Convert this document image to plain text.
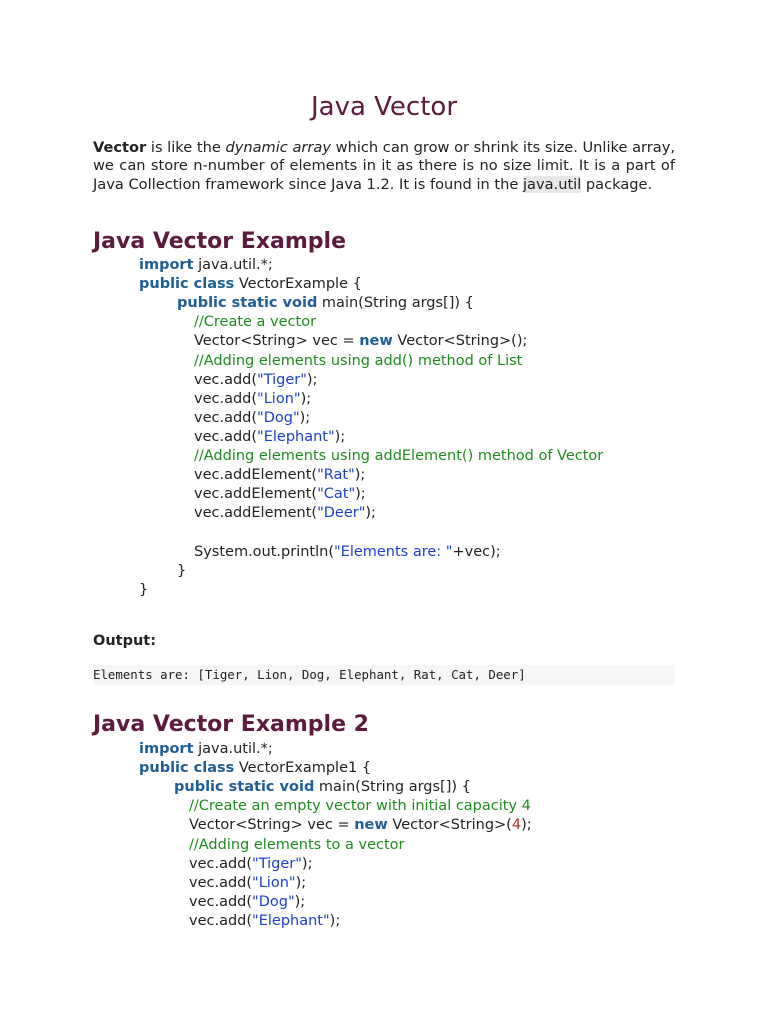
Java Vector

Vector is like the dynamic array which can grow or shrink its size. Unlike array, we can store n-number of elements in it as there is no size limit. It is a part of Java Collection framework since Java 1.2. It is found in the java.util package.

Java Vector Example
import java.util.*;
public class VectorExample {
public static void main(String args[]) {
//Create a vector
Vector<String> vec = new Vector<String>();
//Adding elements using add() method of List
vec.add("Tiger");
vec.add("Lion");
vec.add("Dog");
vec.add("Elephant");
//Adding elements using addElement() method of Vector
vec.addElement("Rat");
vec.addElement("Cat");
vec.addElement("Deer");
System.out.println("Elements are: "+vec);
}
}

Output:

Elements are: [Tiger, Lion, Dog, Elephant, Rat, Cat, Deer]
Java Vector Example 2
import java.util.*;
public class VectorExample1 {
public static void main(String args[]) {
//Create an empty vector with initial capacity 4
Vector<String> vec = new Vector<String>(4);
//Adding elements to a vector
vec.add("Tiger");
vec.add("Lion");
vec.add("Dog");
vec.add("Elephant");
